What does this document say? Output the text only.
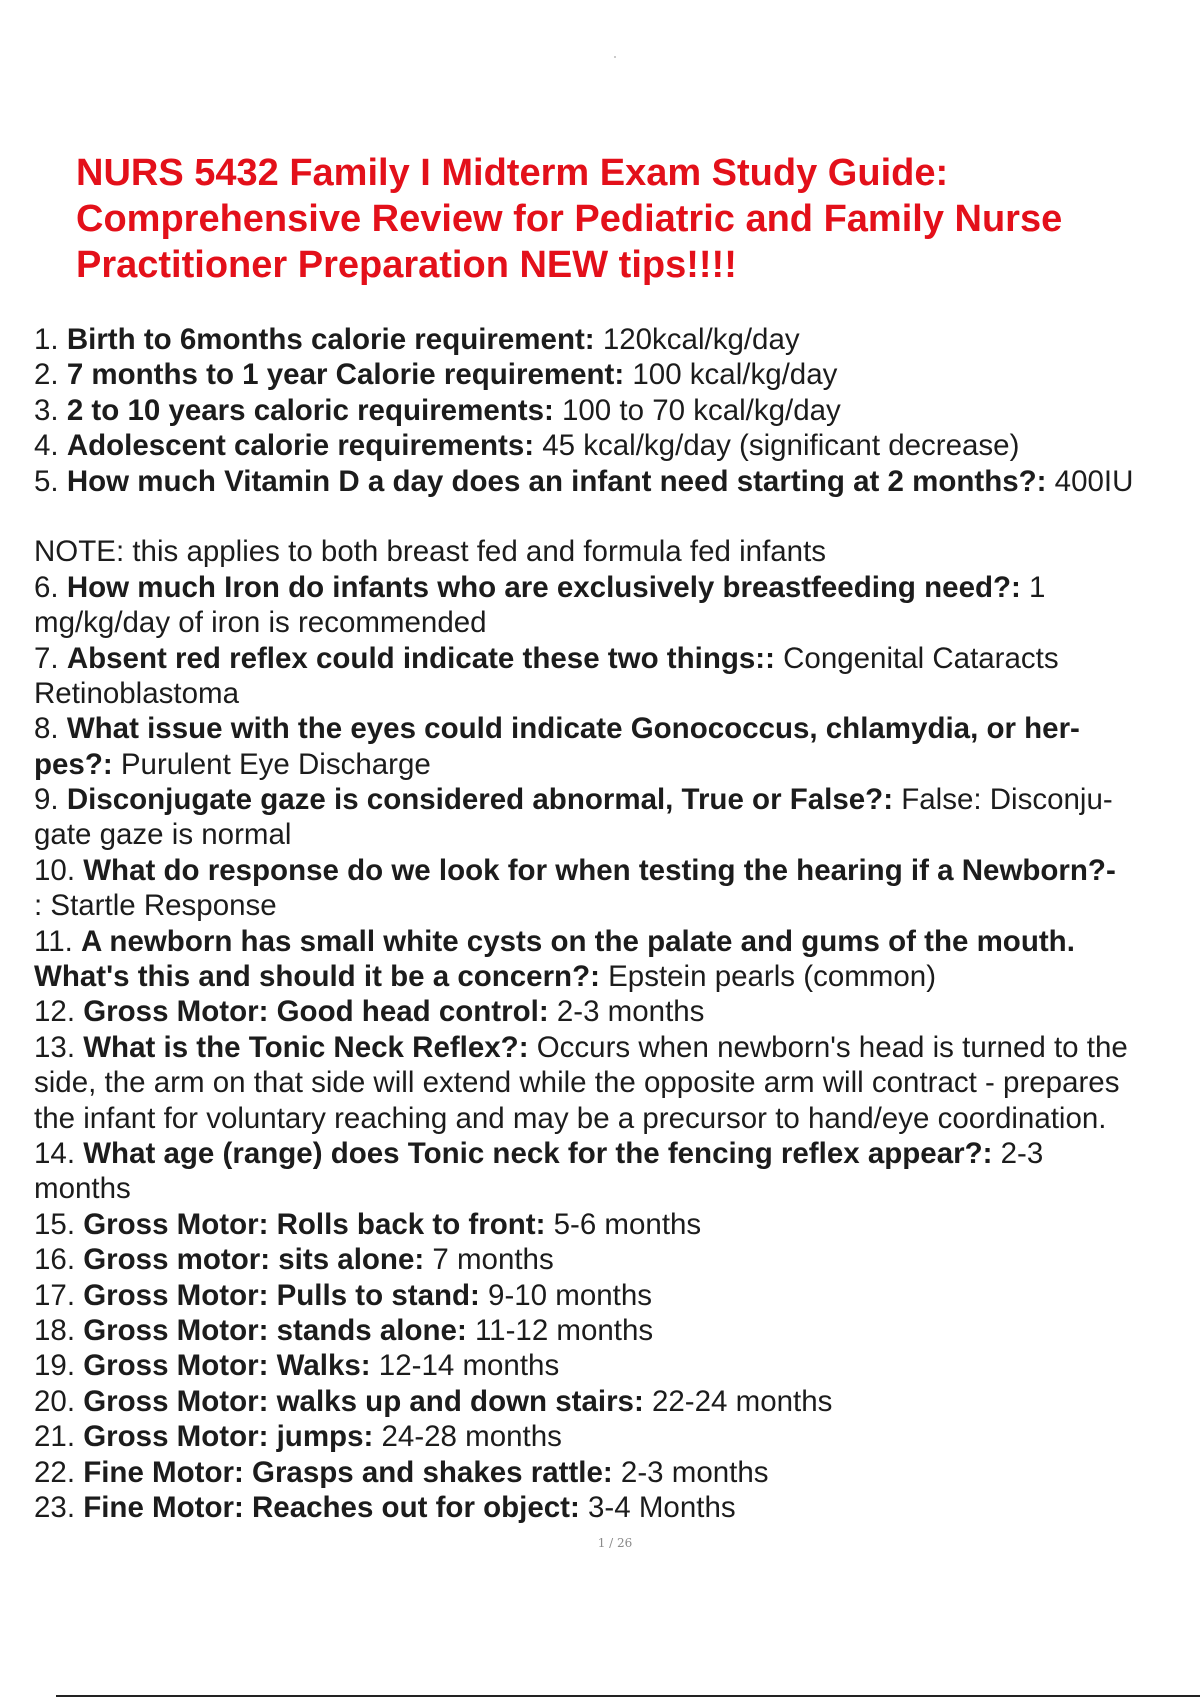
NURS 5432 Family I Midterm Exam Study Guide:
Comprehensive Review for Pediatric and Family Nurse
Practitioner Preparation NEW tips!!!!
1. Birth to 6months calorie requirement: 120kcal/kg/day
2. 7 months to 1 year Calorie requirement: 100 kcal/kg/day
3. 2 to 10 years caloric requirements: 100 to 70 kcal/kg/day
4. Adolescent calorie requirements: 45 kcal/kg/day (significant decrease)
5. How much Vitamin D a day does an infant need starting at 2 months?: 400IU
NOTE: this applies to both breast fed and formula fed infants
6. How much Iron do infants who are exclusively breastfeeding need?: 1
mg/kg/day of iron is recommended
7. Absent red reflex could indicate these two things:: Congenital Cataracts
Retinoblastoma
8. What issue with the eyes could indicate Gonococcus, chlamydia, or her-
pes?: Purulent Eye Discharge
9. Disconjugate gaze is considered abnormal, True or False?: False: Disconju-
gate gaze is normal
10. What do response do we look for when testing the hearing if a Newborn?-
: Startle Response
11. A newborn has small white cysts on the palate and gums of the mouth.
What's this and should it be a concern?: Epstein pearls (common)
12. Gross Motor: Good head control: 2-3 months
13. What is the Tonic Neck Reflex?: Occurs when newborn's head is turned to the
side, the arm on that side will extend while the opposite arm will contract - prepares
the infant for voluntary reaching and may be a precursor to hand/eye coordination.
14. What age (range) does Tonic neck for the fencing reflex appear?: 2-3
months
15. Gross Motor: Rolls back to front: 5-6 months
16. Gross motor: sits alone: 7 months
17. Gross Motor: Pulls to stand: 9-10 months
18. Gross Motor: stands alone: 11-12 months
19. Gross Motor: Walks: 12-14 months
20. Gross Motor: walks up and down stairs: 22-24 months
21. Gross Motor: jumps: 24-28 months
22. Fine Motor: Grasps and shakes rattle: 2-3 months
23. Fine Motor: Reaches out for object: 3-4 Months
1 / 26
